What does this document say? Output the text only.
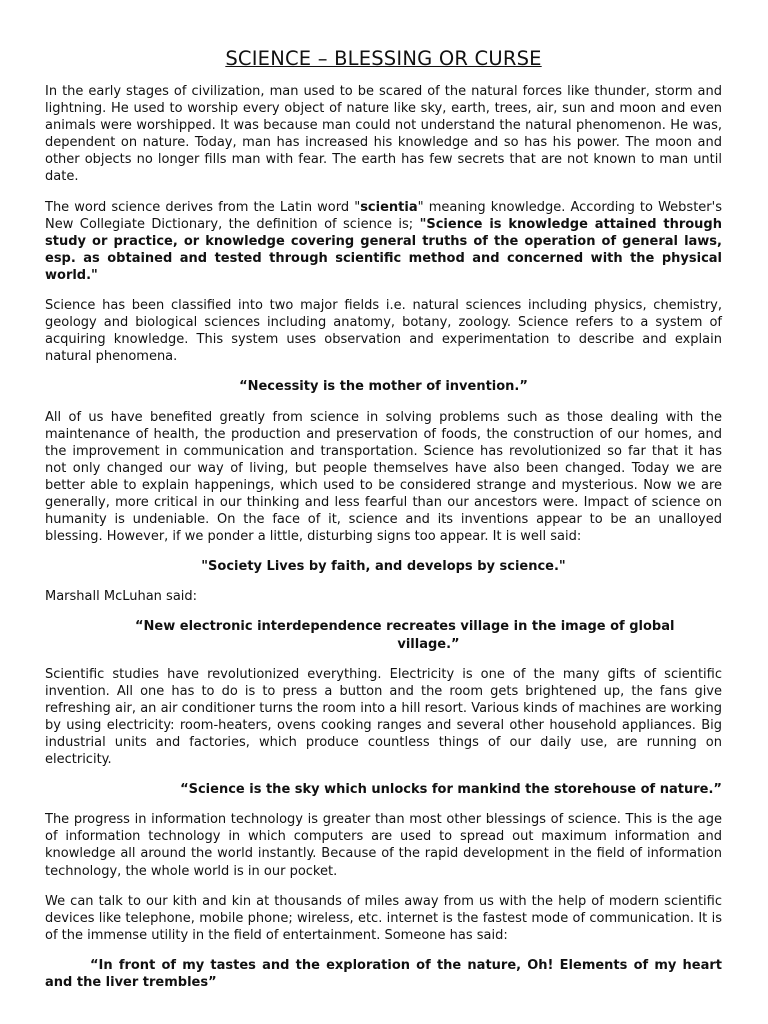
SCIENCE – BLESSING OR CURSE

In the early stages of civilization, man used to be scared of the natural forces like thunder, storm and lightning. He used to worship every object of nature like sky, earth, trees, air, sun and moon and even animals were worshipped. It was because man could not understand the natural phenomenon. He was, dependent on nature. Today, man has increased his knowledge and so has his power. The moon and other objects no longer fills man with fear. The earth has few secrets that are not known to man until date.

The word science derives from the Latin word "scientia" meaning knowledge. According to Webster's New Collegiate Dictionary, the definition of science is; "Science is knowledge attained through study or practice, or knowledge covering general truths of the operation of general laws, esp. as obtained and tested through scientific method and concerned with the physical world."

Science has been classified into two major fields i.e. natural sciences including physics, chemistry, geology and biological sciences including anatomy, botany, zoology. Science refers to a system of acquiring knowledge. This system uses observation and experimentation to describe and explain natural phenomena.

“Necessity is the mother of invention.”

All of us have benefited greatly from science in solving problems such as those dealing with the maintenance of health, the production and preservation of foods, the construction of our homes, and the improvement in communication and transportation. Science has revolutionized so far that it has not only changed our way of living, but people themselves have also been changed. Today we are better able to explain happenings, which used to be considered strange and mysterious. Now we are generally, more critical in our thinking and less fearful than our ancestors were. Impact of science on humanity is undeniable. On the face of it, science and its inventions appear to be an unalloyed blessing. However, if we ponder a little, disturbing signs too appear. It is well said:

"Society Lives by faith, and develops by science."

Marshall McLuhan said:

“New electronic interdependence recreates village in the image of global village.”

Scientific studies have revolutionized everything. Electricity is one of the many gifts of scientific invention. All one has to do is to press a button and the room gets brightened up, the fans give refreshing air, an air conditioner turns the room into a hill resort. Various kinds of machines are working by using electricity: room-heaters, ovens cooking ranges and several other household appliances. Big industrial units and factories, which produce countless things of our daily use, are running on electricity.

“Science is the sky which unlocks for mankind the storehouse of nature.”

The progress in information technology is greater than most other blessings of science. This is the age of information technology in which computers are used to spread out maximum information and knowledge all around the world instantly. Because of the rapid development in the field of information technology, the whole world is in our pocket.

We can talk to our kith and kin at thousands of miles away from us with the help of modern scientific devices like telephone, mobile phone; wireless, etc. internet is the fastest mode of communication. It is of the immense utility in the field of entertainment. Someone has said:

“In front of my tastes and the exploration of the nature, Oh! Elements of my heart and the liver trembles”
